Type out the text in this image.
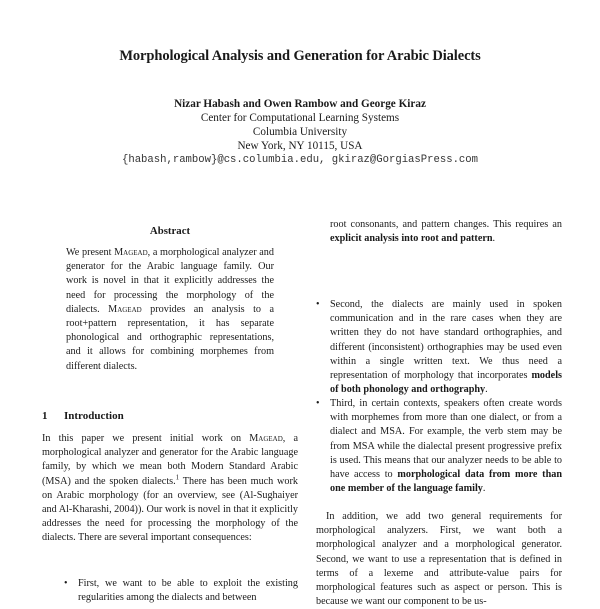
Morphological Analysis and Generation for Arabic Dialects
Nizar Habash and Owen Rambow and George Kiraz
Center for Computational Learning Systems
Columbia University
New York, NY 10115, USA
{habash,rambow}@cs.columbia.edu, gkiraz@GorgiasPress.com
Abstract
We present Magead, a morphological analyzer and generator for the Arabic language family. Our work is novel in that it explicitly addresses the need for processing the morphology of the dialects. Magead provides an analysis to a root+pattern representation, it has separate phonological and orthographic representations, and it allows for combining morphemes from different dialects.
1 Introduction
In this paper we present initial work on Magead, a morphological analyzer and generator for the Arabic language family, by which we mean both Modern Standard Arabic (MSA) and the spoken dialects.$^1$ There has been much work on Arabic morphology (for an overview, see (Al-Sughaiyer and Al-Kharashi, 2004)). Our work is novel in that it explicitly addresses the need for processing the morphology of the dialects. There are several important consequences:
• First, we want to be able to exploit the existing regularities among the dialects and between
root consonants, and pattern changes. This requires an explicit analysis into root and pattern.
• Second, the dialects are mainly used in spoken communication and in the rare cases when they are written they do not have standard orthographies, and different (inconsistent) orthographies may be used even within a single written text. We thus need a representation of morphology that incorporates models of both phonology and orthography.
• Third, in certain contexts, speakers often create words with morphemes from more than one dialect, or from a dialect and MSA. For example, the verb stem may be from MSA while the dialectal present progressive prefix is used. This means that our analyzer needs to be able to have access to morphological data from more than one member of the language family.
In addition, we add two general requirements for morphological analyzers. First, we want both a morphological analyzer and a morphological generator. Second, we want to use a representation that is defined in terms of a lexeme and attribute-value pairs for morphological features such as aspect or person. This is because we want our component to be us-
